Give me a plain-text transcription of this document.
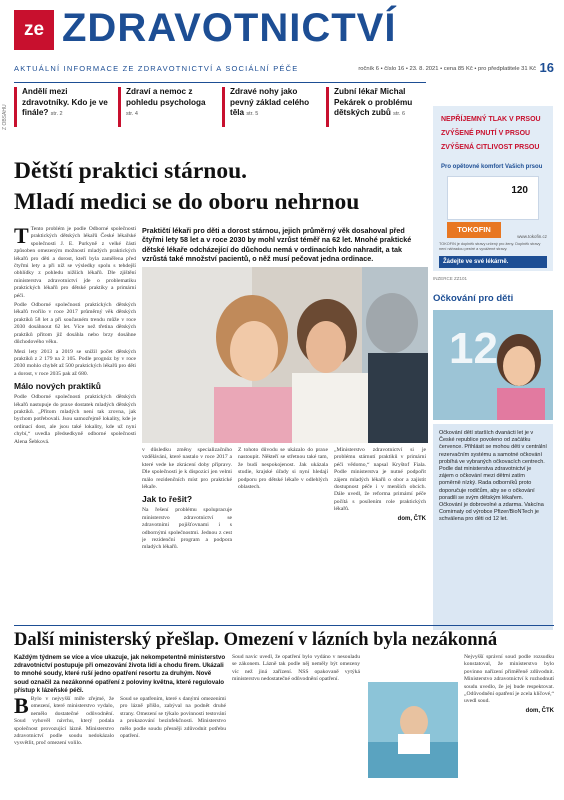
ze ZDRAVOTNICTVÍ
AKTUÁLNÍ INFORMACE ZE ZDRAVOTNICTVÍ A SOCIÁLNÍ PÉČE	ročník 6 • číslo 16 • 23. 8. 2021 • cena 85 Kč • pro předplatitele 31 Kč 16
Z OBSAHU
Andělí mezi zdravotníky. Kdo je ve finále? str. 2
Zdraví a nemoc z pohledu psychologa str. 4
Zdravé nohy jako pevný základ celého těla str. 5
Zubní lékař Michal Pekárek o problému dětských zubů str. 6
Dětští praktici stárnou.
Mladí medici se do oboru nehrnou
Praktičtí lékaři pro děti a dorost stárnou, jejich průměrný věk dosahoval před čtyřmi lety 58 let a v roce 2030 by mohl vzrůst téměř na 62 let. Mnohé praktické dětské lékaře odcházející do důchodu nemá v ordinacích kdo nahradit, a tak vzrůstá také množství pacientů, o něž musí pečovat jedna ordinace.

T Tento problém je podle Odborné společnosti praktických dětských lékařů České lékařské společnosti J. E. Purkyně z velké části způsoben omezeným možností mladých praktických lékařů pro děti a dorost, kteří byla zaměřena před čtyřmi lety a při níž se výsledky spolu s tehdejší obhlídky z pohledu nižších lékařů. Dle zjištění ministerstva zdravotnictví jde o problematiku praktických lékařů pro dětské praktiky a primární péči.

Podle Odborné společnosti praktických dětských lékařů tvořilo v roce 2017 průměrný věk dětských praktiků 58 let a při současném trendu může v roce 2030 dosáhnout 62 let. Více než třetina dětských praktiků přitom již dosáhla nebo brzy dosáhne důchodového věku.

Mezi lety 2013 a 2019 se snížil počet dětských praktiků z 2 179 na 2 105. Podle prognóz by v roce 2030 mohlo chybět až 500 praktických lékařů pro děti a dorost, v roce 2035 pak až 680.

Málo nových praktiků

Podle Odborné společnosti praktických dětských lékařů nastupuje do praxe dostatek mladých dětských praktiků. „Přitom mladých není tak zrovna, jak bychom potřebovali. Jsou samozřejmě lokality, kde je ordinací dost, ale jsou také lokality, kde už nyní chybí,“ uvedla předsedkyně odborné společnosti Alena Šebková.

v důsledku změny specializačního vzdělávání, které nastalo v roce 2017 a které vede ke zkrácení doby přípravy. Dle společnosti je k dispozici jen velmi málo rezidenčních míst pro praktické lékaře.

Jak to řešit?

Na řešení problému spolupracuje ministerstvo zdravotnictví se zdravotními pojišťovnami i s odbornými společnostmi. Jednou z cest je rezidenční program a podpora mladých lékařů.

Z tohoto důvodu se ukázalo do praxe nastoupit. Někteří se střetnou také tam, že budí nespokojenost. Jak ukázala studie, krajské úřady si nyní hledají podporu pro dětské lékaře v odlehlých oblastech.

„Ministerstvo zdravotnictví si je problému stárnutí praktiků v primární péči vědomo,“ napsal Kryštof Fiala. Podle ministerstva je nutné podpořit zájem mladých lékařů o obor a zajistit dostupnost péče i v menších obcích. Dále uvedl, že reforma primární péče počítá s posílením role praktických lékařů.

dom, ČTK
NEPŘÍJEMNÝ TLAK V PRSOU
ZVÝŠENÉ PNUTÍ V PRSOU
ZVÝŠENÁ CITLIVOST PRSOU
Pro opětovné komfort Vašich prsou
120
TOKOFIN
www.tokofin.cz
TOKOFIN je doplněk stravy určený pro ženy. Doplněk stravy není náhradou pestré a vyvážené stravy.
Žádejte ve své lékárně.
INZERCE ZZ101
Očkování pro děti
12
Očkování dětí starších dvanácti let je v České republice povoleno od začátku července. Přihlásit se mohou děti v centrální rezervačním systému a samotné očkování probíhá ve vybraných očkovacích centrech. Podle dat ministerstva zdravotnictví je zájem o očkování mezi dětmi zatím poměrně nízký. Rada odborníků proto doporučuje rodičům, aby se o očkování poradili se svým dětským lékařem. Očkování je dobrovolné a zdarma. Vakcína Comirnaty od výrobce Pfizer/BioNTech je schválena pro děti od 12 let.
Další ministerský přešlap. Omezení v lázních byla nezákonná
Každým týdnem se více a více ukazuje, jak nekompetentně ministerstvo zdravotnictví postupuje při omezování života lidí a chodu firem. Ukázali to mnohé soudy, které ruší jedno opatření resortu za druhým. Nově soud označil za nezákonné opatření z poloviny května, které regulovalo přístup k lázeňské péči.

B Bylo v nejvyšší míře zřejmé, že omezení, které ministerstvo vydalo, nemělo dostatečné odůvodnění. Soud vyhověl návrhu, který podala společnost provozující lázně. Ministerstvo zdravotnictví podle soudu nedokázalo vysvětlit, proč omezení volilo.

Soud se opatřením, které s danými omezeními pro lázně přišlo, zabýval na podnět druhé strany. Omezení se týkalo povinnosti testování a prokazování bezinfekčnosti. Ministerstvo mělo podle soudu přesněji zdůvodnit potřebu opatření.

Soud navíc uvedl, že opatření bylo vydáno v nesouladu se zákonem. Lázně tak podle něj neměly být omezeny víc než jiná zařízení. NSS opakovaně vytýká ministerstvu nedostatečné odůvodnění opatření.

Nejvyšší správní soud podle rozsudku konstatoval, že ministerstvo bylo povinno nařízení přiměřeně zdůvodnit. Ministerstvo zdravotnictví k rozhodnutí soudu uvedlo, že jej bude respektovat. „Odůvodnění opatření je zcela klíčové,“ uvedl soud.

dom, ČTK
